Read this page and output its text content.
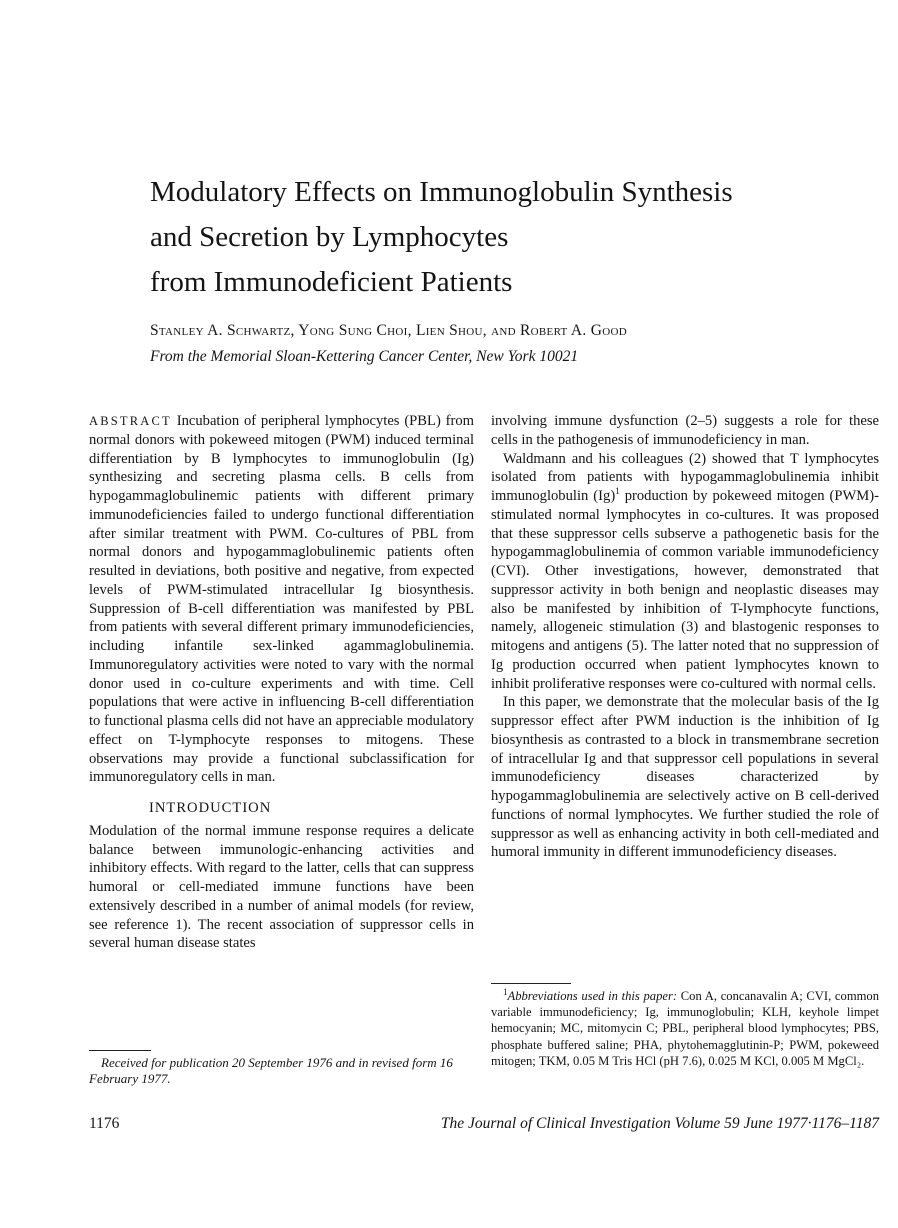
Modulatory Effects on Immunoglobulin Synthesis
and Secretion by Lymphocytes
from Immunodeficient Patients
Stanley A. Schwartz, Yong Sung Choi, Lien Shou, and Robert A. Good
From the Memorial Sloan-Kettering Cancer Center, New York 10021

ABSTRACT Incubation of peripheral lymphocytes (PBL) from normal donors with pokeweed mitogen (PWM) induced terminal differentiation by B lymphocytes to immunoglobulin (Ig) synthesizing and secreting plasma cells. B cells from hypogammaglobulinemic patients with different primary immunodeficiencies failed to undergo functional differentiation after similar treatment with PWM. Co-cultures of PBL from normal donors and hypogammaglobulinemic patients often resulted in deviations, both positive and negative, from expected levels of PWM-stimulated intracellular Ig biosynthesis. Suppression of B-cell differentiation was manifested by PBL from patients with several different primary immunodeficiencies, including infantile sex-linked agammaglobulinemia. Immunoregulatory activities were noted to vary with the normal donor used in co-culture experiments and with time. Cell populations that were active in influencing B-cell differentiation to functional plasma cells did not have an appreciable modulatory effect on T-lymphocyte responses to mitogens. These observations may provide a functional subclassification for immunoregulatory cells in man.

INTRODUCTION

Modulation of the normal immune response requires a delicate balance between immunologic-enhancing activities and inhibitory effects. With regard to the latter, cells that can suppress humoral or cell-mediated immune functions have been extensively described in a number of animal models (for review, see reference 1). The recent association of suppressor cells in several human disease states

involving immune dysfunction (2–5) suggests a role for these cells in the pathogenesis of immunodeficiency in man.

Waldmann and his colleagues (2) showed that T lymphocytes isolated from patients with hypogammaglobulinemia inhibit immunoglobulin (Ig)$^1$ production by pokeweed mitogen (PWM)-stimulated normal lymphocytes in co-cultures. It was proposed that these suppressor cells subserve a pathogenetic basis for the hypogammaglobulinemia of common variable immunodeficiency (CVI). Other investigations, however, demonstrated that suppressor activity in both benign and neoplastic diseases may also be manifested by inhibition of T-lymphocyte functions, namely, allogeneic stimulation (3) and blastogenic responses to mitogens and antigens (5). The latter noted that no suppression of Ig production occurred when patient lymphocytes known to inhibit proliferative responses were co-cultured with normal cells.

In this paper, we demonstrate that the molecular basis of the Ig suppressor effect after PWM induction is the inhibition of Ig biosynthesis as contrasted to a block in transmembrane secretion of intracellular Ig and that suppressor cell populations in several immunodeficiency diseases characterized by hypogammaglobulinemia are selectively active on B cell-derived functions of normal lymphocytes. We further studied the role of suppressor as well as enhancing activity in both cell-mediated and humoral immunity in different immunodeficiency diseases.

$^1$Abbreviations used in this paper: Con A, concanavalin A; CVI, common variable immunodeficiency; Ig, immunoglobulin; KLH, keyhole limpet hemocyanin; MC, mitomycin C; PBL, peripheral blood lymphocytes; PBS, phosphate buffered saline; PHA, phytohemagglutinin-P; PWM, pokeweed mitogen; TKM, 0.05 M Tris HCl (pH 7.6), 0.025 M KCl, 0.005 M MgCl₂.

Received for publication 20 September 1976 and in revised form 16 February 1977.

1176	The Journal of Clinical Investigation Volume 59 June 1977·1176–1187
